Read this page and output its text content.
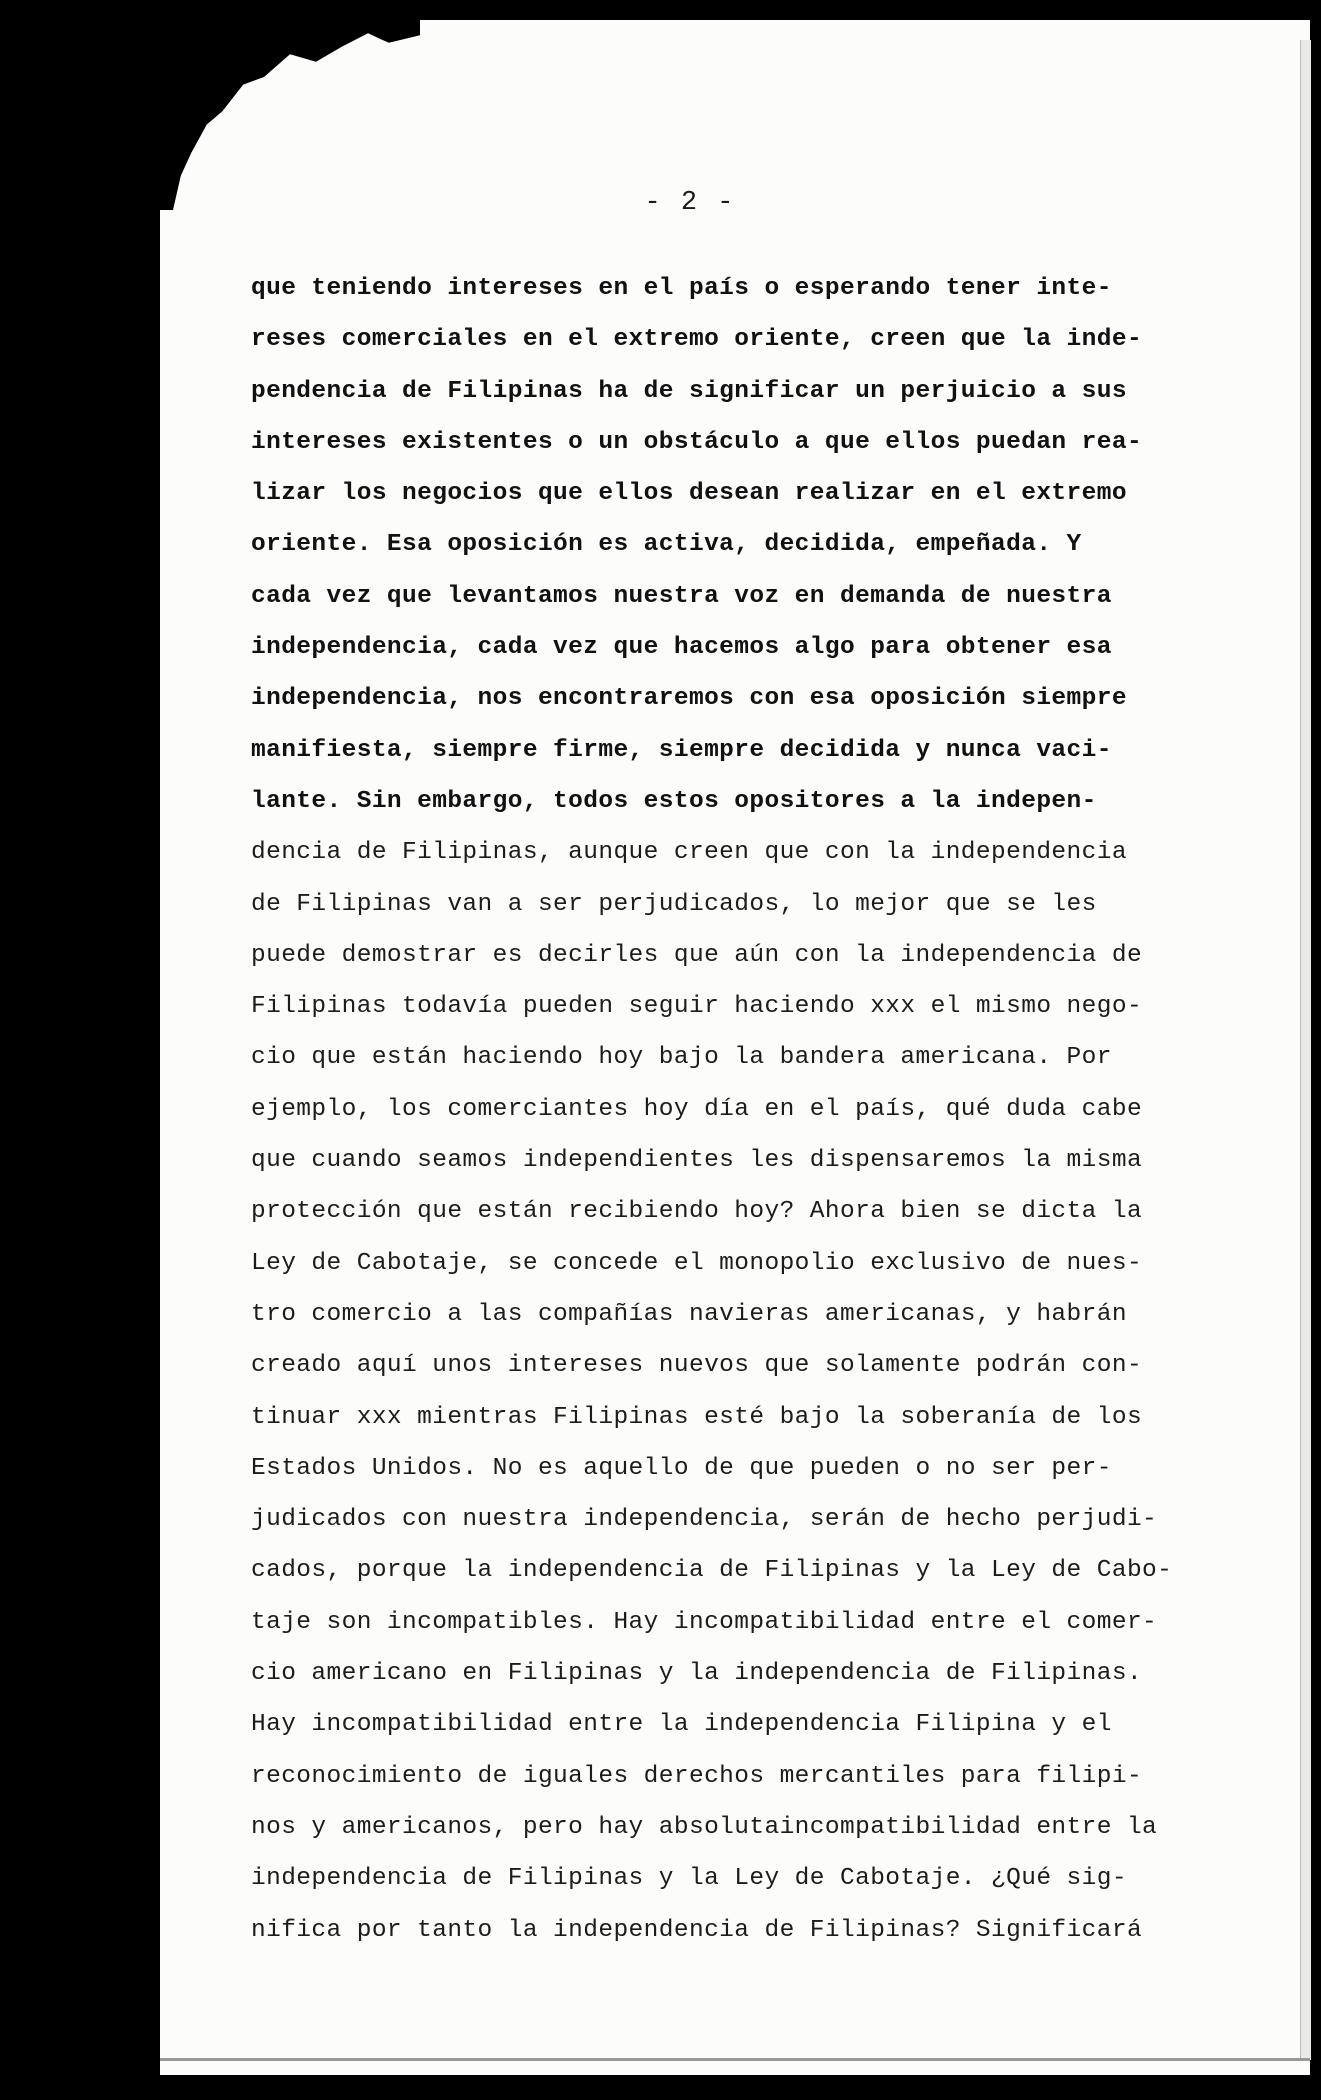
- 2 -
que teniendo intereses en el país o esperando tener inte-
reses comerciales en el extremo oriente, creen que la inde-
pendencia de Filipinas ha de significar un perjuicio a sus
intereses existentes o un obstáculo a que ellos puedan rea-
lizar los negocios que ellos desean realizar en el extremo
oriente. Esa oposición es activa, decidida, empeñada. Y
cada vez que levantamos nuestra voz en demanda de nuestra
independencia, cada vez que hacemos algo para obtener esa
independencia, nos encontraremos con esa oposición siempre
manifiesta, siempre firme, siempre decidida y nunca vaci-
lante. Sin embargo, todos estos opositores a la indepen-
dencia de Filipinas, aunque creen que con la independencia
de Filipinas van a ser perjudicados, lo mejor que se les
puede demostrar es decirles que aún con la independencia de
Filipinas todavía pueden seguir haciendo xxx el mismo nego-
cio que están haciendo hoy bajo la bandera americana. Por
ejemplo, los comerciantes hoy día en el país, qué duda cabe
que cuando seamos independientes les dispensaremos la misma
protección que están recibiendo hoy? Ahora bien se dicta la
Ley de Cabotaje, se concede el monopolio exclusivo de nues-
tro comercio a las compañías navieras americanas, y habrán
creado aquí unos intereses nuevos que solamente podrán con-
tinuar xxx mientras Filipinas esté bajo la soberanía de los
Estados Unidos. No es aquello de que pueden o no ser per-
judicados con nuestra independencia, serán de hecho perjudi-
cados, porque la independencia de Filipinas y la Ley de Cabo-
taje son incompatibles. Hay incompatibilidad entre el comer-
cio americano en Filipinas y la independencia de Filipinas.
Hay incompatibilidad entre la independencia Filipina y el
reconocimiento de iguales derechos mercantiles para filipi-
nos y americanos, pero hay absolutaincompatibilidad entre la
independencia de Filipinas y la Ley de Cabotaje. ¿Qué sig-
nifica por tanto la independencia de Filipinas? Significará
